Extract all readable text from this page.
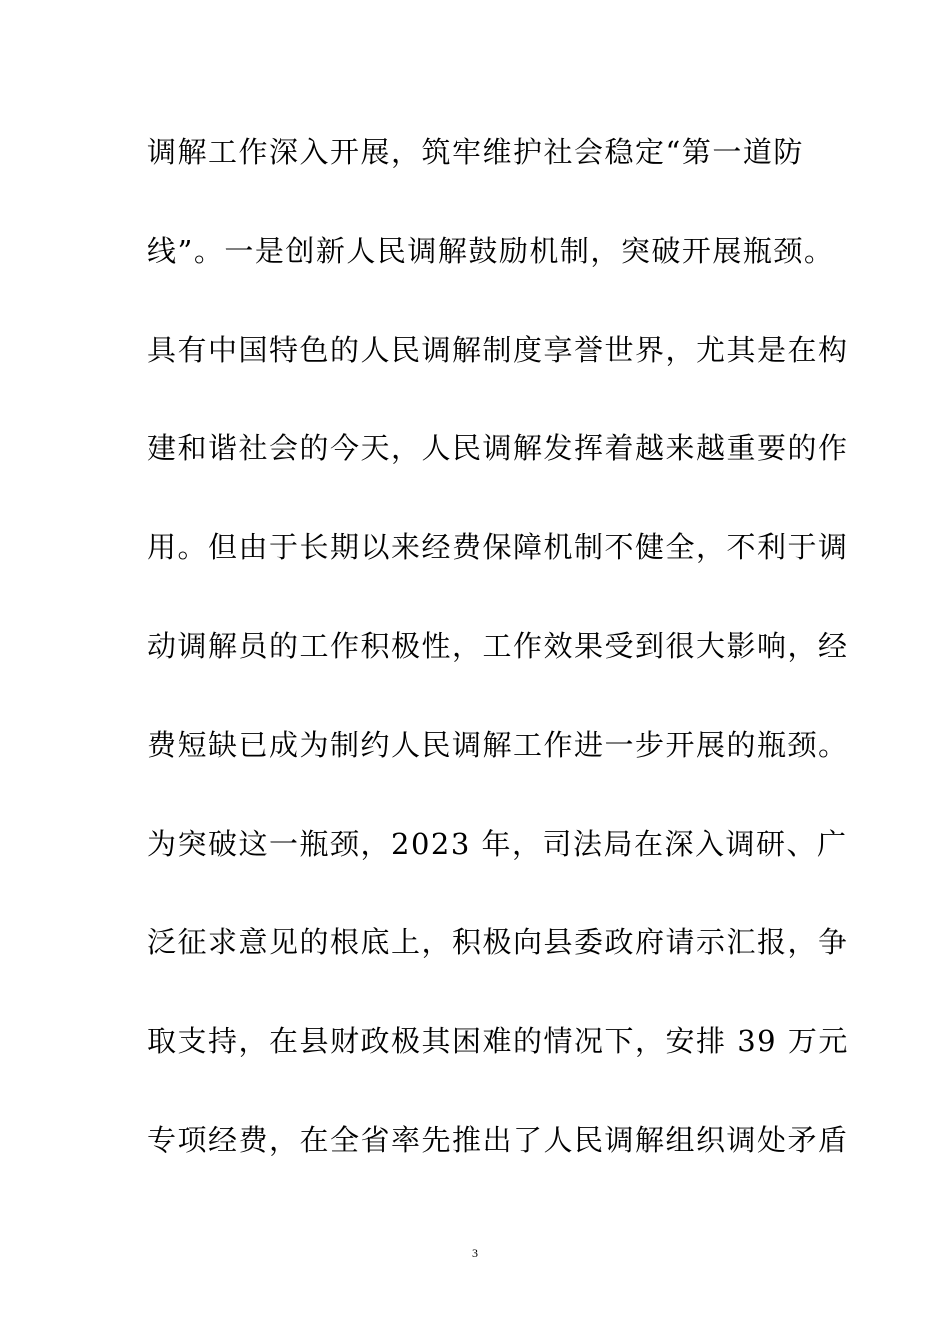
调解工作深入开展，筑牢维护社会稳定“第一道防
线”。一是创新人民调解鼓励机制，突破开展瓶颈。
具有中国特色的人民调解制度享誉世界，尤其是在构
建和谐社会的今天，人民调解发挥着越来越重要的作
用。但由于长期以来经费保障机制不健全，不利于调
动调解员的工作积极性，工作效果受到很大影响，经
费短缺已成为制约人民调解工作进一步开展的瓶颈。
为突破这一瓶颈，2023 年，司法局在深入调研、广
泛征求意见的根底上，积极向县委政府请示汇报，争
取支持，在县财政极其困难的情况下，安排 39 万元
专项经费，在全省率先推出了人民调解组织调处矛盾
3
